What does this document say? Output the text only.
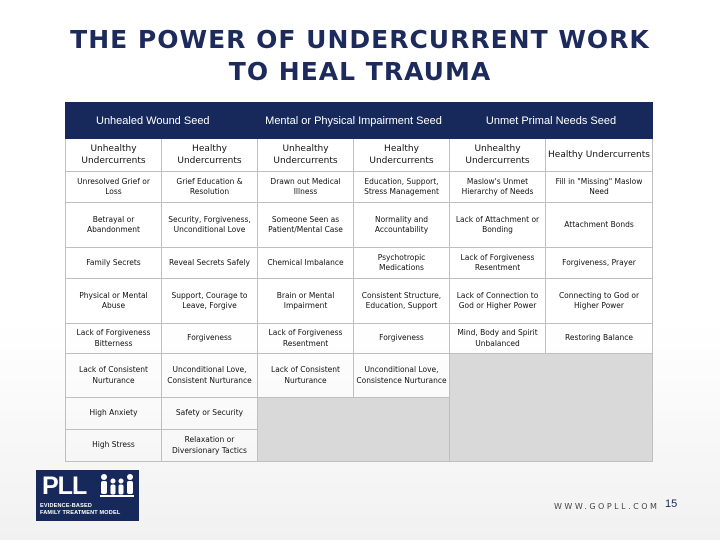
THE POWER OF UNDERCURRENT WORK
TO HEAL TRAUMA
Unhealed Wound Seed		Mental or Physical Impairment Seed		Unmet Primal Needs Seed	
Unhealthy Undercurrents	Healthy Undercurrents	Unhealthy Undercurrents	Healthy Undercurrents	Unhealthy Undercurrents	Healthy Undercurrents
Unresolved Grief or Loss	Grief Education & Resolution	Drawn out Medical Illness	Education, Support, Stress Management	Maslow's Unmet Hierarchy of Needs	Fill in "Missing" Maslow Need
Betrayal or Abandonment	Security, Forgiveness, Unconditional Love	Someone Seen as Patient/Mental Case	Normality and Accountability	Lack of Attachment or Bonding	Attachment Bonds
Family Secrets	Reveal Secrets Safely	Chemical Imbalance	Psychotropic Medications	Lack of Forgiveness Resentment	Forgiveness, Prayer
Physical or Mental Abuse	Support, Courage to Leave, Forgive	Brain or Mental Impairment	Consistent Structure, Education, Support	Lack of Connection to God or Higher Power	Connecting to God or Higher Power
Lack of Forgiveness Bitterness	Forgiveness	Lack of Forgiveness Resentment	Forgiveness	Mind, Body and Spirit Unbalanced	Restoring Balance
Lack of Consistent Nurturance	Unconditional Love, Consistent Nurturance	Lack of Consistent Nurturance	Unconditional Love, Consistence Nurturance		
High Anxiety	Safety or Security				
High Stress	Relaxation or Diversionary Tactics				
PLL
EVIDENCE-BASED
FAMILY TREATMENT MODEL
WWW.GOPLL.COM 15
